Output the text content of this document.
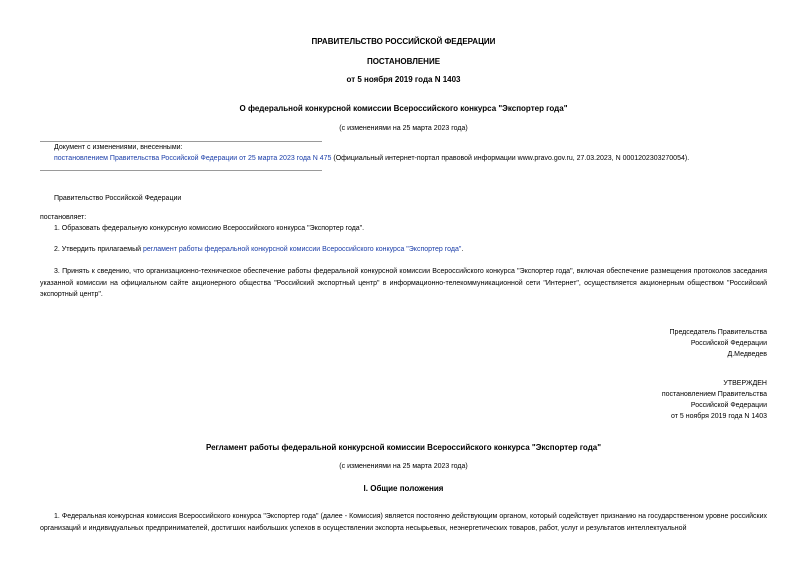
ПРАВИТЕЛЬСТВО РОССИЙСКОЙ ФЕДЕРАЦИИ
ПОСТАНОВЛЕНИЕ
от 5 ноября 2019 года N 1403
О федеральной конкурсной комиссии Всероссийского конкурса "Экспортер года"
(с изменениями на 25 марта 2023 года)
Документ с изменениями, внесенными:
постановлением Правительства Российской Федерации от 25 марта 2023 года N 475 (Официальный интернет-портал правовой информации www.pravo.gov.ru, 27.03.2023, N 0001202303270054).
Правительство Российской Федерации
постановляет:
1. Образовать федеральную конкурсную комиссию Всероссийского конкурса "Экспортер года".
2. Утвердить прилагаемый регламент работы федеральной конкурсной комиссии Всероссийского конкурса "Экспортер года".
3. Принять к сведению, что организационно-техническое обеспечение работы федеральной конкурсной комиссии Всероссийского конкурса "Экспортер года", включая обеспечение размещения протоколов заседания указанной комиссии на официальном сайте акционерного общества "Российский экспортный центр" в информационно-телекоммуникационной сети "Интернет", осуществляется акционерным обществом "Российский экспортный центр".
Председатель Правительства
Российской Федерации
Д.Медведев
УТВЕРЖДЕН
постановлением Правительства
Российской Федерации
от 5 ноября 2019 года N 1403
Регламент работы федеральной конкурсной комиссии Всероссийского конкурса "Экспортер года"
(с изменениями на 25 марта 2023 года)
I. Общие положения
1. Федеральная конкурсная комиссия Всероссийского конкурса "Экспортер года" (далее - Комиссия) является постоянно действующим органом, который содействует признанию на государственном уровне российских организаций и индивидуальных предпринимателей, достигших наибольших успехов в осуществлении экспорта несырьевых, неэнергетических товаров, работ, услуг и результатов интеллектуальной
